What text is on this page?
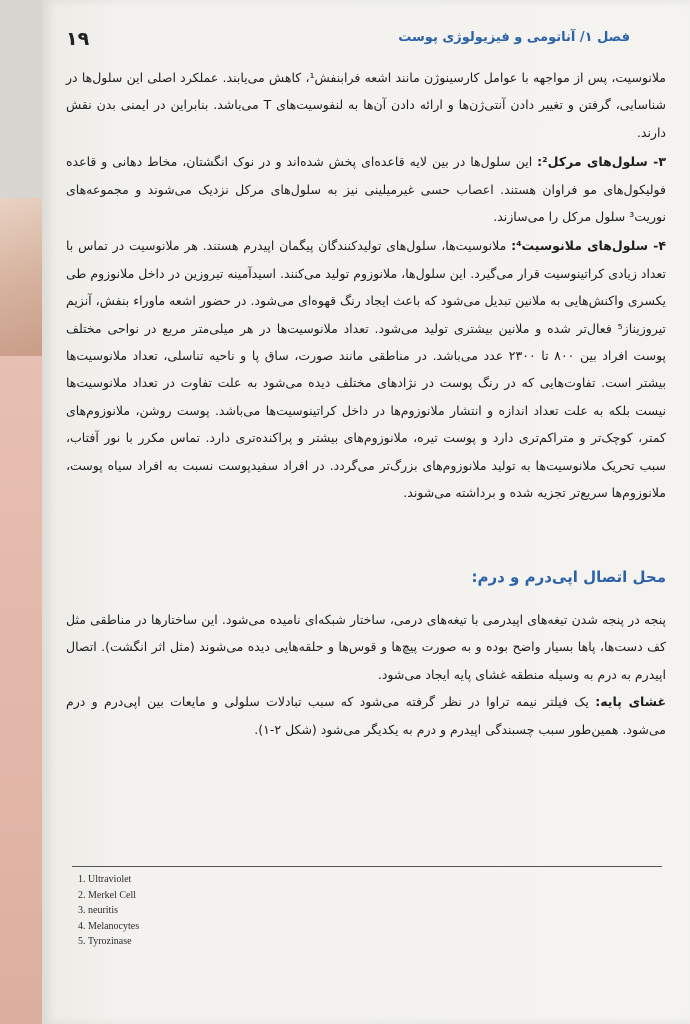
۱۹	فصل ۱/ آناتومی و فیزیولوژی پوست

ملانوسیت، پس از مواجهه با عوامل کارسینوژن مانند اشعه فرابنفش¹، کاهش می‌یابند. عملکرد اصلی این سلول‌ها در شناسایی، گرفتن و تغییر دادن آنتی‌ژن‌ها و ارائه دادن آن‌ها به لنفوسیت‌های T می‌باشد. بنابراین در ایمنی بدن نقش دارند.

۳- سلول‌های مرکل²: این سلول‌ها در بین لایه قاعده‌ای پخش شده‌اند و در نوک انگشتان، مخاط دهانی و قاعده فولیکول‌های مو فراوان هستند. اعصاب حسی غیرمیلینی نیز به سلول‌های مرکل نزدیک می‌شوند و مجموعه‌های نوریت³ سلول مرکل را می‌سازند.

۴- سلول‌های ملانوسیت⁴: ملانوسیت‌ها، سلول‌های تولیدکنندگان پیگمان اپیدرم هستند. هر ملانوسیت در تماس با تعداد زیادی کراتینوسیت قرار می‌گیرد. این سلول‌ها، ملانوزوم تولید می‌کنند. اسیدآمینه تیروزین در داخل ملانوزوم طی یکسری واکنش‌هایی به ملانین تبدیل می‌شود که باعث ایجاد رنگ قهوه‌ای می‌شود. در حضور اشعه ماوراء بنفش، آنزیم تیروزیناز⁵ فعال‌تر شده و ملانین بیشتری تولید می‌شود. تعداد ملانوسیت‌ها در هر میلی‌متر مربع در نواحی مختلف پوست افراد بین ۸۰۰ تا ۲۳۰۰ عدد می‌باشد. در مناطقی مانند صورت، ساق پا و ناحیه تناسلی، تعداد ملانوسیت‌ها بیشتر است. تفاوت‌هایی که در رنگ پوست در نژادهای مختلف دیده می‌شود به علت تفاوت در تعداد ملانوسیت‌ها نیست بلکه به علت تعداد اندازه و انتشار ملانوزوم‌ها در داخل کراتینوسیت‌ها می‌باشد. پوست روشن، ملانوزوم‌های کمتر، کوچک‌تر و متراکم‌تری دارد و پوست تیره، ملانوزوم‌های بیشتر و پراکنده‌تری دارد. تماس مکرر با نور آفتاب، سبب تحریک ملانوسیت‌ها به تولید ملانوزوم‌های بزرگ‌تر می‌گردد. در افراد سفیدپوست نسبت به افراد سیاه پوست، ملانوزوم‌ها سریع‌تر تجزیه شده و برداشته می‌شوند.

محل اتصال اپی‌درم و درم:

پنجه در پنجه شدن تیغه‌های اپیدرمی با تیغه‌های درمی، ساختار شبکه‌ای نامیده می‌شود. این ساختارها در مناطقی مثل کف دست‌ها، پاها بسیار واضح بوده و به صورت پیچ‌ها و قوس‌ها و حلقه‌هایی دیده می‌شوند (مثل اثر انگشت). اتصال اپیدرم به درم به وسیله منطقه غشای پایه ایجاد می‌شود.

غشای پایه: یک فیلتر نیمه تراوا در نظر گرفته می‌شود که سبب تبادلات سلولی و مایعات بین اپی‌درم و درم می‌شود. همین‌طور سبب چسبندگی اپیدرم و درم به یکدیگر می‌شود (شکل ۲-۱).

1. Ultraviolet
2. Merkel Cell
3. neuritis
4. Melanocytes
5. Tyrozinase
